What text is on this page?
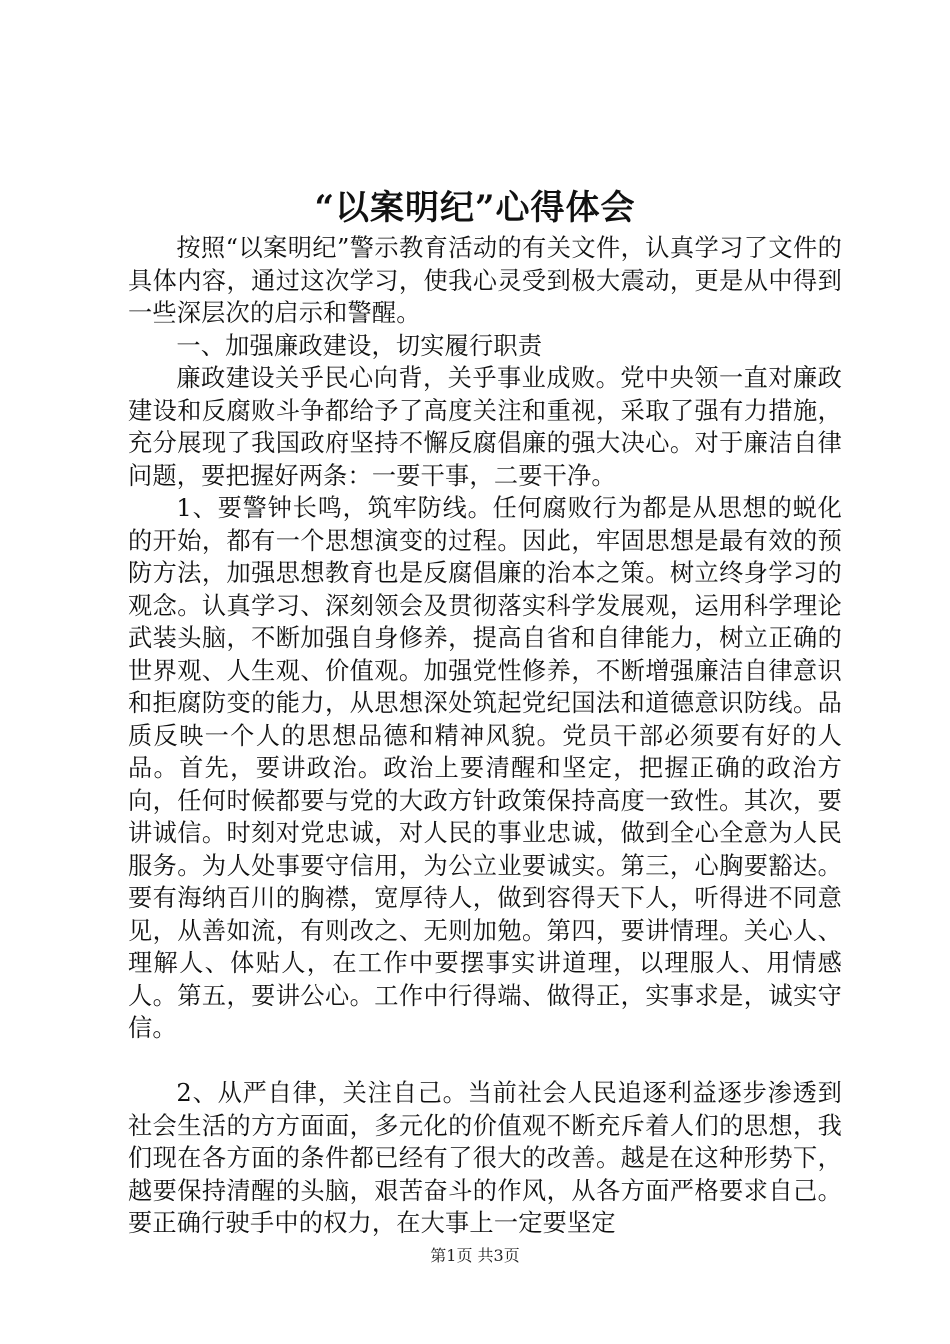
“以案明纪”心得体会

按照“以案明纪”警示教育活动的有关文件，认真学习了文件的具体内容，通过这次学习，使我心灵受到极大震动，更是从中得到一些深层次的启示和警醒。

一、加强廉政建设，切实履行职责

廉政建设关乎民心向背，关乎事业成败。党中央领一直对廉政建设和反腐败斗争都给予了高度关注和重视，采取了强有力措施，充分展现了我国政府坚持不懈反腐倡廉的强大决心。对于廉洁自律问题，要把握好两条：一要干事，二要干净。

1、要警钟长鸣，筑牢防线。任何腐败行为都是从思想的蜕化的开始，都有一个思想演变的过程。因此，牢固思想是最有效的预防方法，加强思想教育也是反腐倡廉的治本之策。树立终身学习的观念。认真学习、深刻领会及贯彻落实科学发展观，运用科学理论武装头脑，不断加强自身修养，提高自省和自律能力，树立正确的世界观、人生观、价值观。加强党性修养，不断增强廉洁自律意识和拒腐防变的能力，从思想深处筑起党纪国法和道德意识防线。品质反映一个人的思想品德和精神风貌。党员干部必须要有好的人品。首先，要讲政治。政治上要清醒和坚定，把握正确的政治方向，任何时候都要与党的大政方针政策保持高度一致性。其次，要讲诚信。时刻对党忠诚，对人民的事业忠诚，做到全心全意为人民服务。为人处事要守信用，为公立业要诚实。第三，心胸要豁达。要有海纳百川的胸襟，宽厚待人，做到容得天下人，听得进不同意见，从善如流，有则改之、无则加勉。第四，要讲情理。关心人、理解人、体贴人，在工作中要摆事实讲道理，以理服人、用情感人。第五，要讲公心。工作中行得端、做得正，实事求是，诚实守信。

2、从严自律，关注自己。当前社会人民追逐利益逐步渗透到社会生活的方方面面，多元化的价值观不断充斥着人们的思想，我们现在各方面的条件都已经有了很大的改善。越是在这种形势下，越要保持清醒的头脑，艰苦奋斗的作风，从各方面严格要求自己。要正确行驶手中的权力，在大事上一定要坚定

第1页 共3页
